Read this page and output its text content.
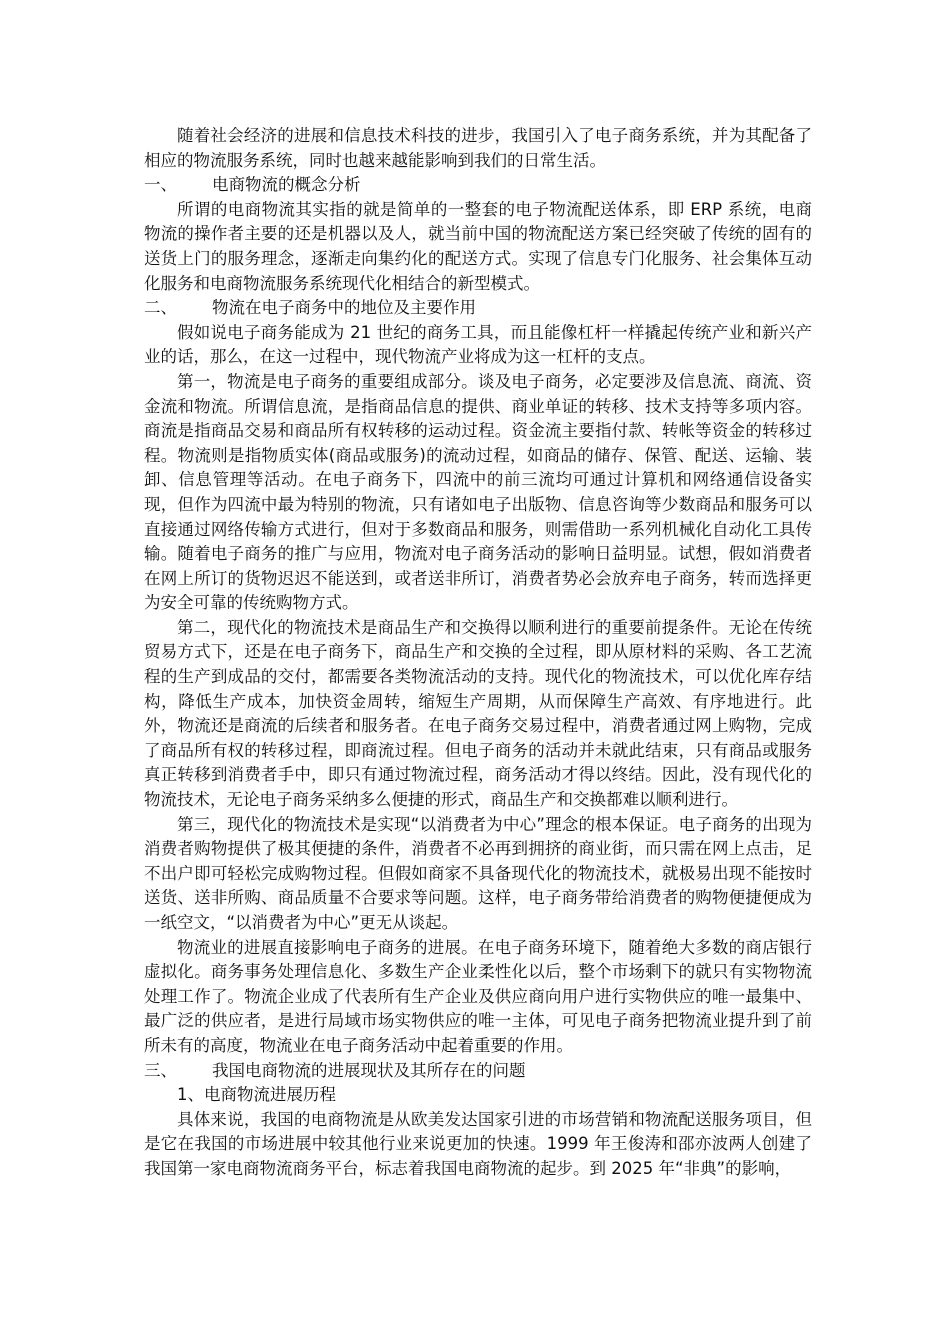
随着社会经济的进展和信息技术科技的进步，我国引入了电子商务系统，并为其配备了相应的物流服务系统，同时也越来越能影响到我们的日常生活。

一、	电商物流的概念分析

所谓的电商物流其实指的就是简单的一整套的电子物流配送体系，即 ERP 系统，电商物流的操作者主要的还是机器以及人，就当前中国的物流配送方案已经突破了传统的固有的送货上门的服务理念，逐渐走向集约化的配送方式。实现了信息专门化服务、社会集体互动化服务和电商物流服务系统现代化相结合的新型模式。

二、	物流在电子商务中的地位及主要作用

假如说电子商务能成为 21 世纪的商务工具，而且能像杠杆一样撬起传统产业和新兴产业的话，那么，在这一过程中，现代物流产业将成为这一杠杆的支点。

第一，物流是电子商务的重要组成部分。谈及电子商务，必定要涉及信息流、商流、资金流和物流。所谓信息流，是指商品信息的提供、商业单证的转移、技术支持等多项内容。商流是指商品交易和商品所有权转移的运动过程。资金流主要指付款、转帐等资金的转移过程。物流则是指物质实体(商品或服务)的流动过程，如商品的储存、保管、配送、运输、装卸、信息管理等活动。在电子商务下，四流中的前三流均可通过计算机和网络通信设备实现，但作为四流中最为特别的物流，只有诸如电子出版物、信息咨询等少数商品和服务可以直接通过网络传输方式进行，但对于多数商品和服务，则需借助一系列机械化自动化工具传输。随着电子商务的推广与应用，物流对电子商务活动的影响日益明显。试想，假如消费者在网上所订的货物迟迟不能送到，或者送非所订，消费者势必会放弃电子商务，转而选择更为安全可靠的传统购物方式。

第二，现代化的物流技术是商品生产和交换得以顺利进行的重要前提条件。无论在传统贸易方式下，还是在电子商务下，商品生产和交换的全过程，即从原材料的采购、各工艺流程的生产到成品的交付，都需要各类物流活动的支持。现代化的物流技术，可以优化库存结构，降低生产成本，加快资金周转，缩短生产周期，从而保障生产高效、有序地进行。此外，物流还是商流的后续者和服务者。在电子商务交易过程中，消费者通过网上购物，完成了商品所有权的转移过程，即商流过程。但电子商务的活动并未就此结束，只有商品或服务真正转移到消费者手中，即只有通过物流过程，商务活动才得以终结。因此，没有现代化的物流技术，无论电子商务采纳多么便捷的形式，商品生产和交换都难以顺利进行。

第三，现代化的物流技术是实现“以消费者为中心”理念的根本保证。电子商务的出现为消费者购物提供了极其便捷的条件，消费者不必再到拥挤的商业街，而只需在网上点击，足不出户即可轻松完成购物过程。但假如商家不具备现代化的物流技术，就极易出现不能按时送货、送非所购、商品质量不合要求等问题。这样，电子商务带给消费者的购物便捷便成为一纸空文，“以消费者为中心”更无从谈起。

物流业的进展直接影响电子商务的进展。在电子商务环境下，随着绝大多数的商店银行虚拟化。商务事务处理信息化、多数生产企业柔性化以后，整个市场剩下的就只有实物物流处理工作了。物流企业成了代表所有生产企业及供应商向用户进行实物供应的唯一最集中、最广泛的供应者，是进行局域市场实物供应的唯一主体，可见电子商务把物流业提升到了前所未有的高度，物流业在电子商务活动中起着重要的作用。

三、	我国电商物流的进展现状及其所存在的问题

1、电商物流进展历程

具体来说，我国的电商物流是从欧美发达国家引进的市场营销和物流配送服务项目，但是它在我国的市场进展中较其他行业来说更加的快速。1999 年王俊涛和邵亦波两人创建了我国第一家电商物流商务平台，标志着我国电商物流的起步。到 2025 年“非典”的影响，
